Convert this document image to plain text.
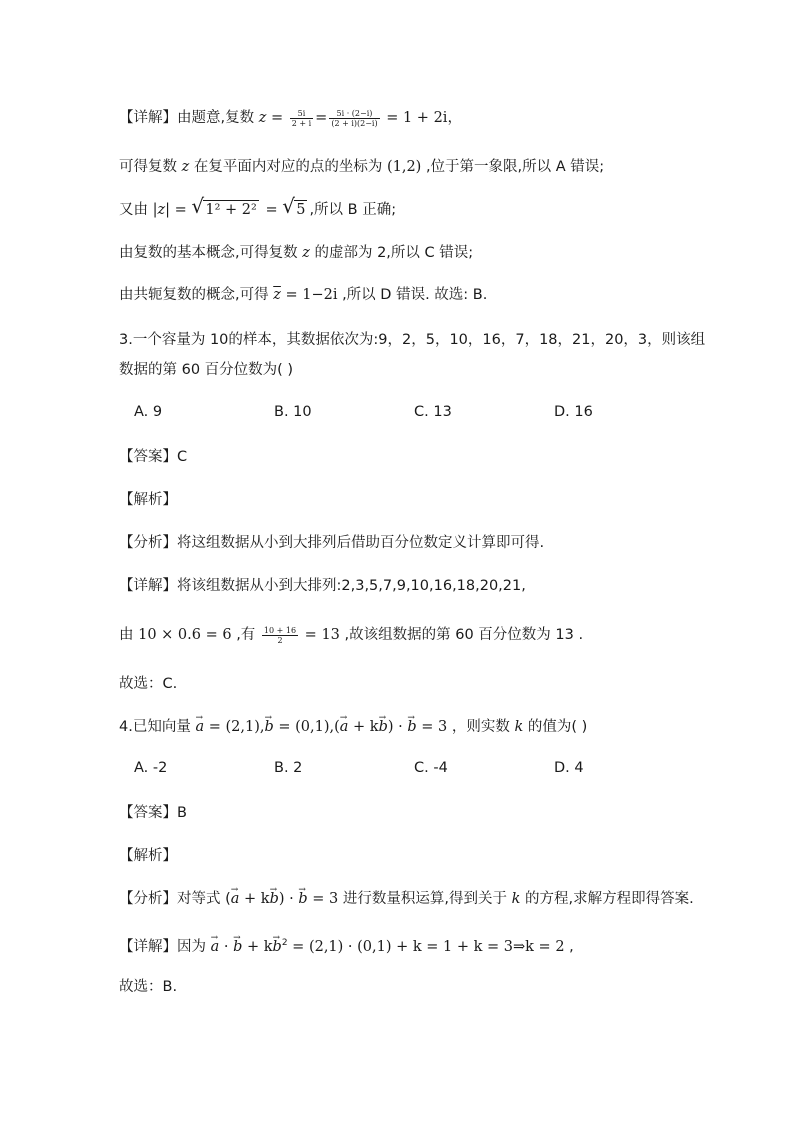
【详解】由题意,复数 $z = \frac{5i}{2 + i} = \frac{5i \cdot (2-i)}{(2 + i)(2-i)} = 1 + 2i$，
可得复数 z 在复平面内对应的点的坐标为 (1,2) ,位于第一象限,所以 A 错误;
又由 |z| = √ 1² + 2² = √ 5 ,所以 B 正确;
由复数的基本概念,可得复数 z 的虚部为 2,所以 C 错误;
由共轭复数的概念,可得 $\overline{z} = 1-2i$ ,所以 D 错误. 故选: B.
3.一个容量为 10的样本，其数据依次为:9，2，5，10，16，7，18，21，20，3，则该组
数据的第 60 百分位数为( )
A. 9	B. 10	C. 13	D. 16
【答案】C
【解析】
【分析】将这组数据从小到大排列后借助百分位数定义计算即可得.
【详解】将该组数据从小到大排列:2,3,5,7,9,10,16,18,20,21,
由 10 × 0.6 = 6 ,有 $\frac{10 + 16}{2} = 13$ ,故该组数据的第 60 百分位数为 13 .
故选：C.
4.已知向量 → a = (2,1),→ b = (0,1),(→ a + k→ b) · → b = 3 ，则实数 k 的值为( )
A. -2	B. 2	C. -4	D. 4
【答案】B
【解析】
【分析】对等式 (→ a + k→ b) · → b = 3 进行数量积运算,得到关于 k 的方程,求解方程即得答案.
【详解】因为 → a · → $b + k\to b^2 = (2,1) \cdot (0,1) + k = 1 + k$ = 3⇒k = 2 ,
故选：B.
